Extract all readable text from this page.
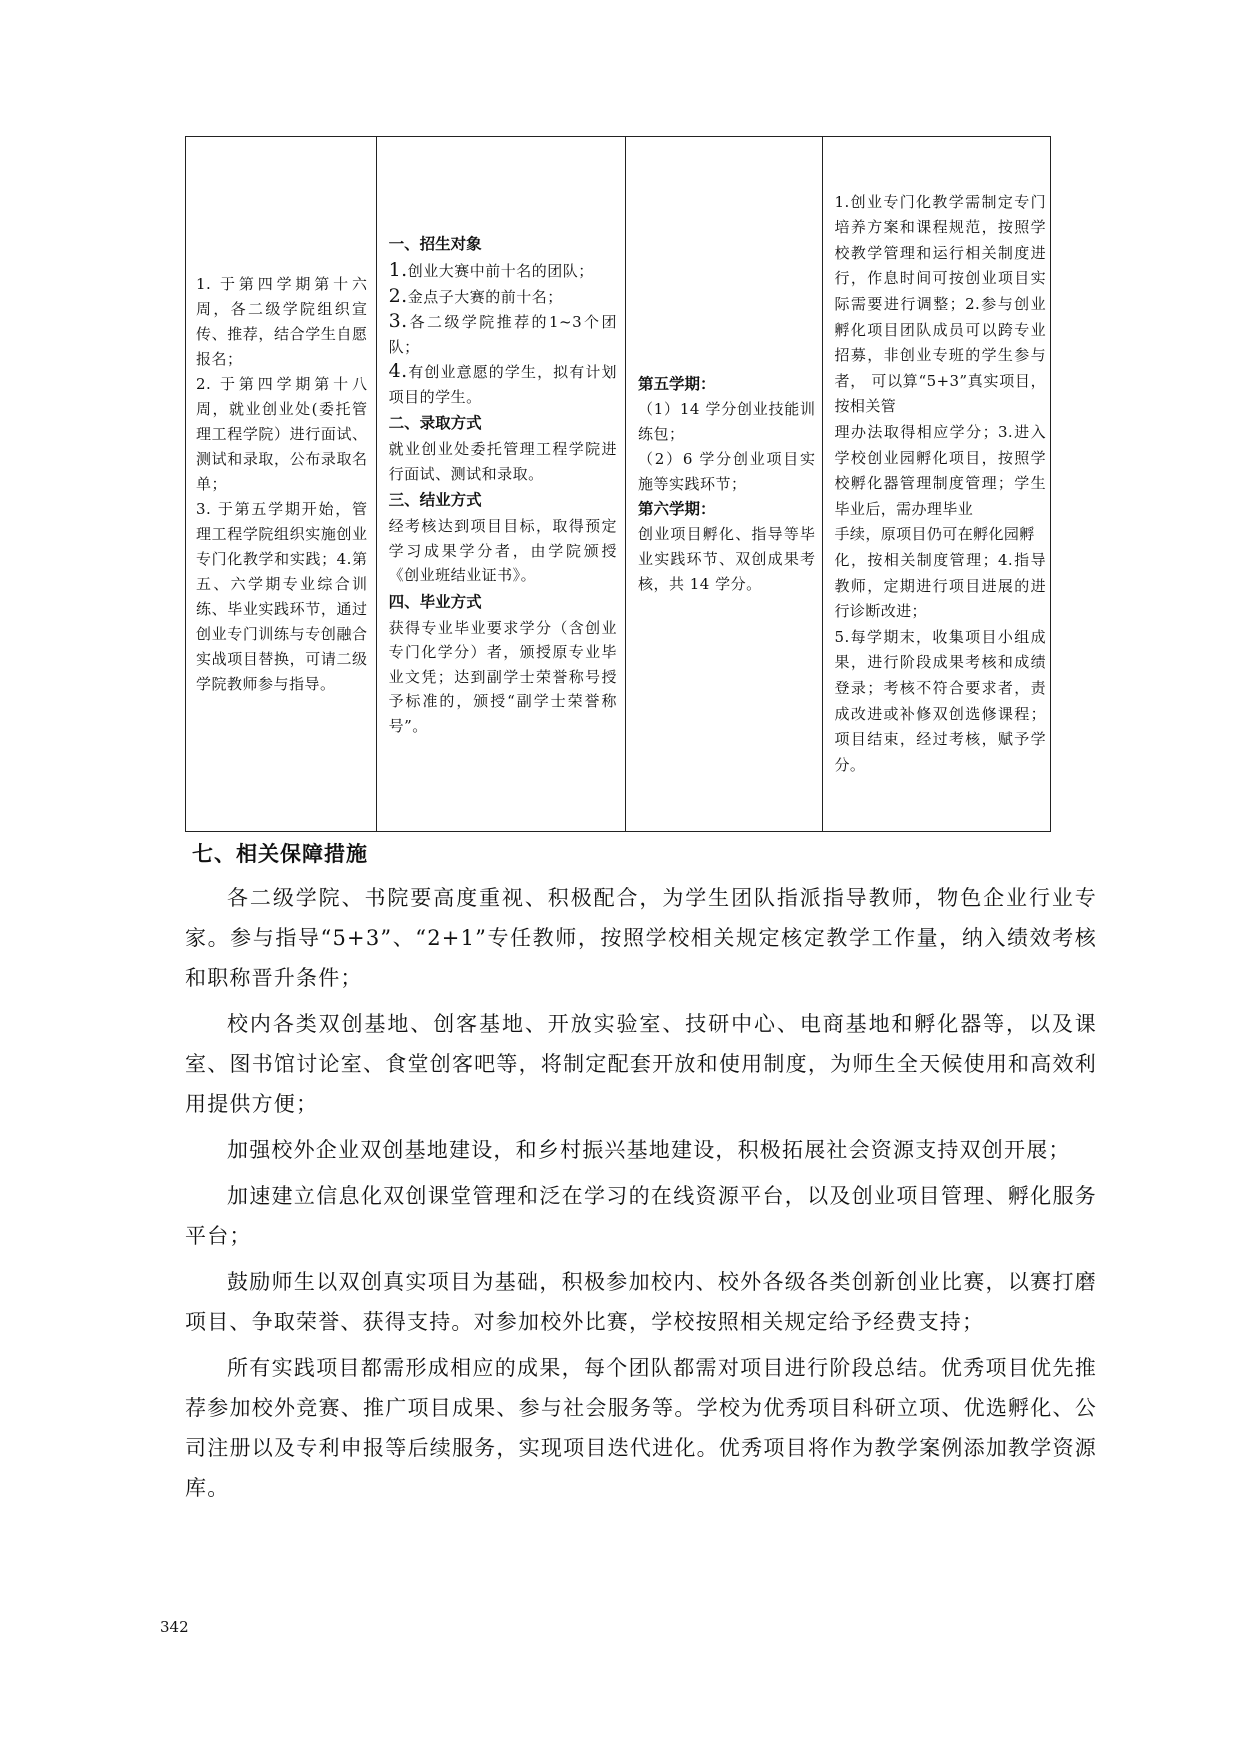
1. 于第四学期第十六周，各二级学院组织宣传、推荐，结合学生自愿报名；

2. 于第四学期第十八周，就业创业处(委托管理工程学院）进行面试、测试和录取，公布录取名单；

3. 于第五学期开始，管理工程学院组织实施创业专门化教学和实践；4.第五、六学期专业综合训练、毕业实践环节，通过创业专门训练与专创融合实战项目替换，可请二级学院教师参与指导。

一、招生对象

1.创业大赛中前十名的团队；

2.金点子大赛的前十名；

3.各二级学院推荐的1~3个团队；

4.有创业意愿的学生，拟有计划项目的学生。

二、录取方式

就业创业处委托管理工程学院进行面试、测试和录取。

三、结业方式

经考核达到项目目标，取得预定学习成果学分者，由学院颁授《创业班结业证书》。

四、毕业方式

获得专业毕业要求学分（含创业专门化学分）者，颁授原专业毕业文凭；达到副学士荣誉称号授予标准的，颁授“副学士荣誉称号”。

第五学期：

（1）14 学分创业技能训练包；

（2）6 学分创业项目实施等实践环节；

第六学期：

创业项目孵化、指导等毕业实践环节、双创成果考核，共 14 学分。

1.创业专门化教学需制定专门培养方案和课程规范，按照学校教学管理和运行相关制度进行，作息时间可按创业项目实际需要进行调整；2.参与创业孵化项目团队成员可以跨专业招募，非创业专班的学生参与者， 可以算“5+3”真实项目，按相关管

理办法取得相应学分；3.进入学校创业园孵化项目，按照学校孵化器管理制度管理；学生毕业后，需办理毕业

手续，原项目仍可在孵化园孵

化，按相关制度管理；4.指导教师，定期进行项目进展的进行诊断改进；

5.每学期末，收集项目小组成果，进行阶段成果考核和成绩登录；考核不符合要求者，责成改进或补修双创选修课程；项目结束，经过考核，赋予学分。

七、相关保障措施

各二级学院、书院要高度重视、积极配合，为学生团队指派指导教师，物色企业行业专家。参与指导“5+3”、“2+1”专任教师，按照学校相关规定核定教学工作量，纳入绩效考核和职称晋升条件；

校内各类双创基地、创客基地、开放实验室、技研中心、电商基地和孵化器等，以及课室、图书馆讨论室、食堂创客吧等，将制定配套开放和使用制度，为师生全天候使用和高效利用提供方便；

加强校外企业双创基地建设，和乡村振兴基地建设，积极拓展社会资源支持双创开展；

加速建立信息化双创课堂管理和泛在学习的在线资源平台，以及创业项目管理、孵化服务平台；

鼓励师生以双创真实项目为基础，积极参加校内、校外各级各类创新创业比赛，以赛打磨项目、争取荣誉、获得支持。对参加校外比赛，学校按照相关规定给予经费支持；

所有实践项目都需形成相应的成果，每个团队都需对项目进行阶段总结。优秀项目优先推荐参加校外竞赛、推广项目成果、参与社会服务等。学校为优秀项目科研立项、优选孵化、公司注册以及专利申报等后续服务，实现项目迭代进化。优秀项目将作为教学案例添加教学资源库。

342
